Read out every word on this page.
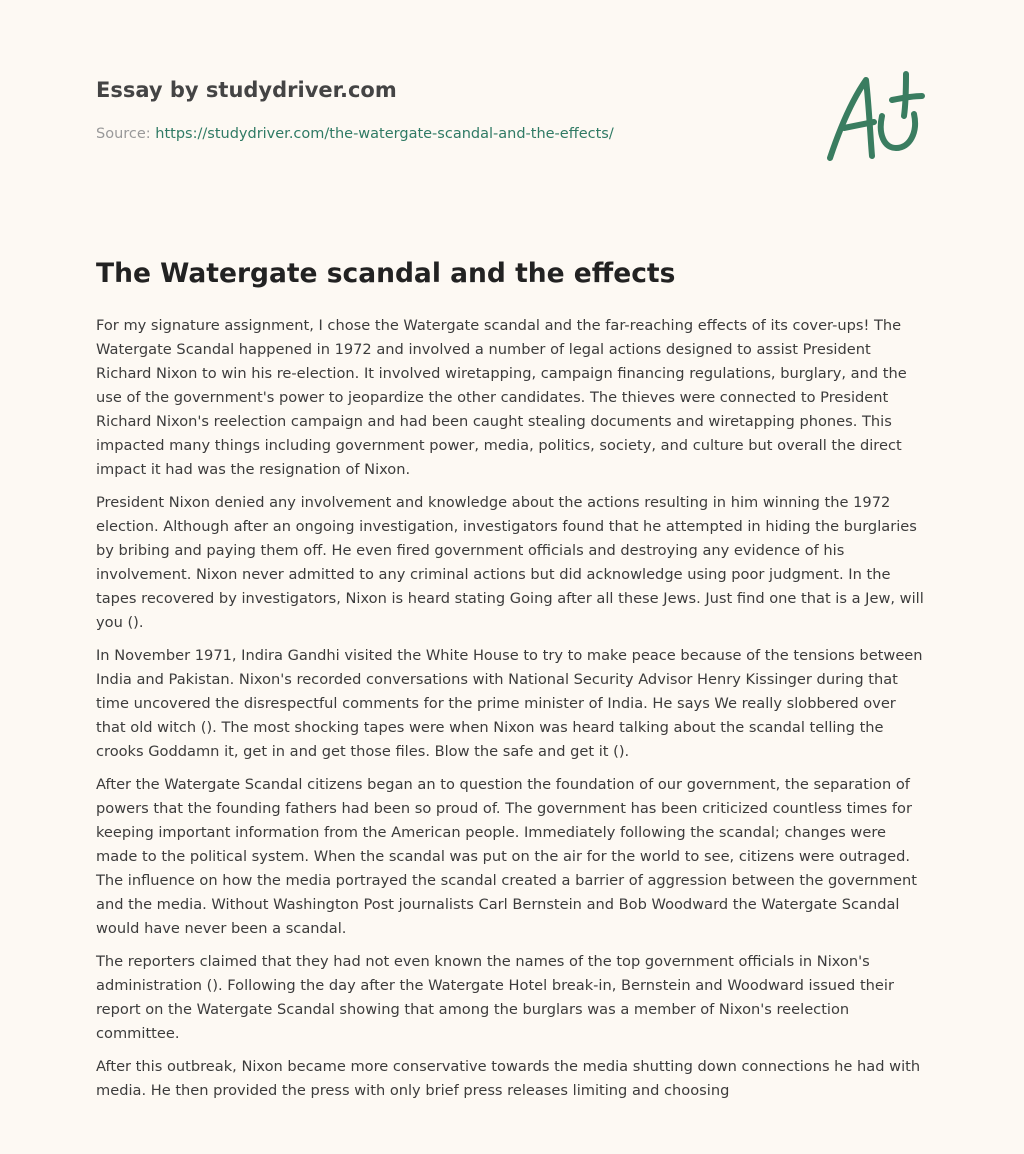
Essay by studydriver.com
Source: https://studydriver.com/the-watergate-scandal-and-the-effects/
The Watergate scandal and the effects

For my signature assignment, I chose the Watergate scandal and the far-reaching effects of its cover-ups! The Watergate Scandal happened in 1972 and involved a number of legal actions designed to assist President Richard Nixon to win his re-election. It involved wiretapping, campaign financing regulations, burglary, and the use of the government's power to jeopardize the other candidates. The thieves were connected to President Richard Nixon's reelection campaign and had been caught stealing documents and wiretapping phones. This impacted many things including government power, media, politics, society, and culture but overall the direct impact it had was the resignation of Nixon.

President Nixon denied any involvement and knowledge about the actions resulting in him winning the 1972 election. Although after an ongoing investigation, investigators found that he attempted in hiding the burglaries by bribing and paying them off. He even fired government officials and destroying any evidence of his involvement. Nixon never admitted to any criminal actions but did acknowledge using poor judgment. In the tapes recovered by investigators, Nixon is heard stating Going after all these Jews. Just find one that is a Jew, will you ().

In November 1971, Indira Gandhi visited the White House to try to make peace because of the tensions between India and Pakistan. Nixon's recorded conversations with National Security Advisor Henry Kissinger during that time uncovered the disrespectful comments for the prime minister of India. He says We really slobbered over that old witch (). The most shocking tapes were when Nixon was heard talking about the scandal telling the crooks Goddamn it, get in and get those files. Blow the safe and get it ().

After the Watergate Scandal citizens began an to question the foundation of our government, the separation of powers that the founding fathers had been so proud of. The government has been criticized countless times for keeping important information from the American people. Immediately following the scandal; changes were made to the political system. When the scandal was put on the air for the world to see, citizens were outraged. The influence on how the media portrayed the scandal created a barrier of aggression between the government and the media. Without Washington Post journalists Carl Bernstein and Bob Woodward the Watergate Scandal would have never been a scandal.

The reporters claimed that they had not even known the names of the top government officials in Nixon's administration (). Following the day after the Watergate Hotel break-in, Bernstein and Woodward issued their report on the Watergate Scandal showing that among the burglars was a member of Nixon's reelection committee.

After this outbreak, Nixon became more conservative towards the media shutting down connections he had with media. He then provided the press with only brief press releases limiting and choosing
